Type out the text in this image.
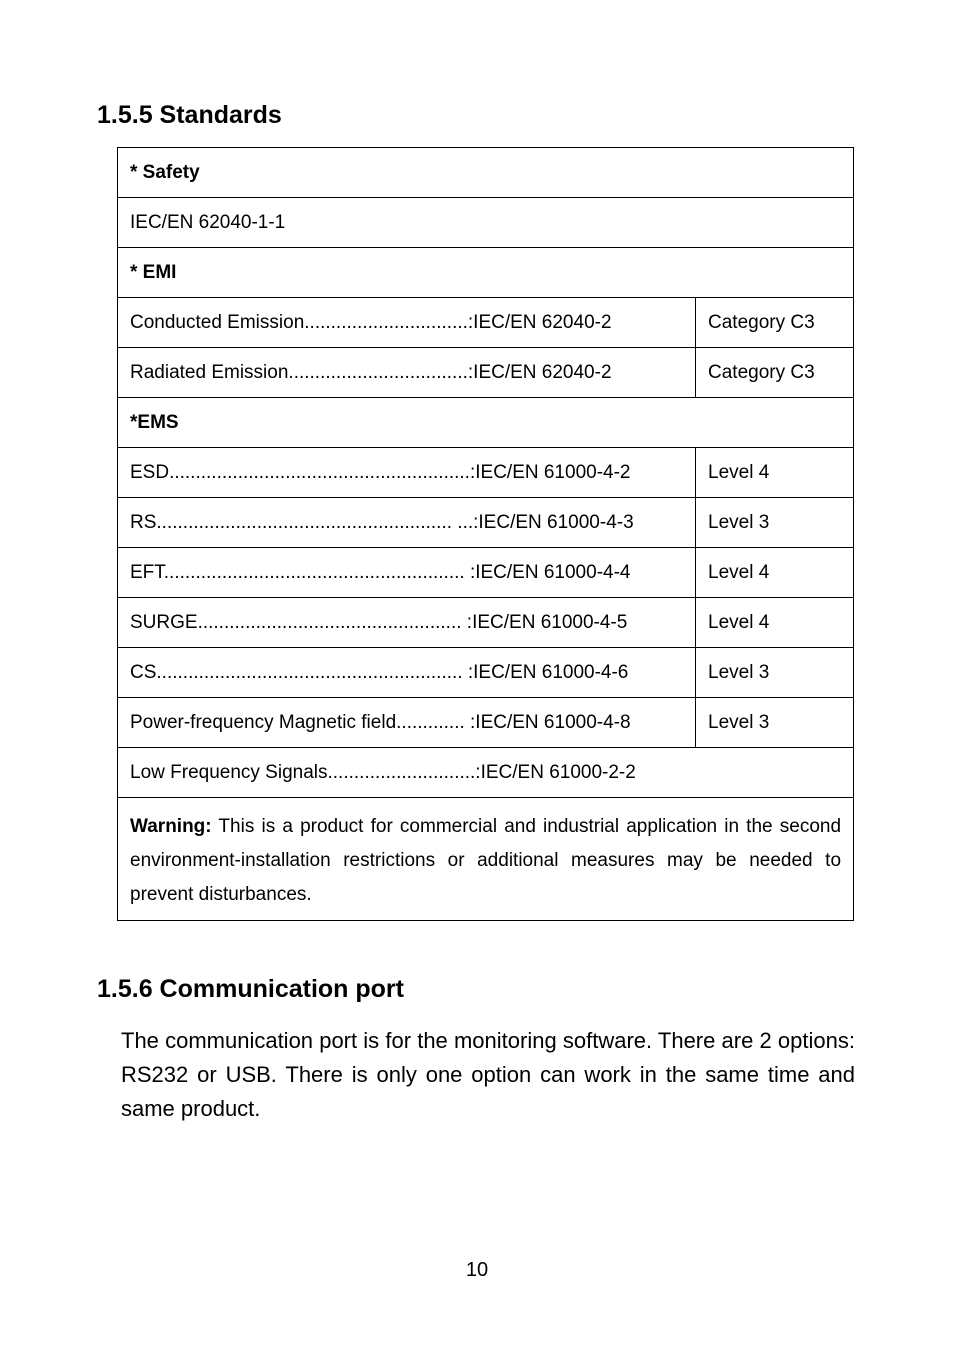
1.5.5 Standards
* Safety	
IEC/EN 62040-1-1	
* EMI	
Conducted Emission...............................:IEC/EN 62040-2	Category C3
Radiated Emission..................................:IEC/EN 62040-2	Category C3
*EMS	
ESD.........................................................:IEC/EN 61000-4-2	Level 4
RS........................................................ ...:IEC/EN 61000-4-3	Level 3
EFT......................................................... :IEC/EN 61000-4-4	Level 4
SURGE.................................................. :IEC/EN 61000-4-5	Level 4
CS.......................................................... :IEC/EN 61000-4-6	Level 3
Power-frequency Magnetic field............. :IEC/EN 61000-4-8	Level 3
Low Frequency Signals............................:IEC/EN 61000-2-2	
Warning: This is a product for commercial and industrial application in the second environment-installation restrictions or additional measures may be needed to prevent disturbances.	
1.5.6 Communication port

The communication port is for the monitoring software. There are 2 options: RS232 or USB. There is only one option can work in the same time and same product.

10
